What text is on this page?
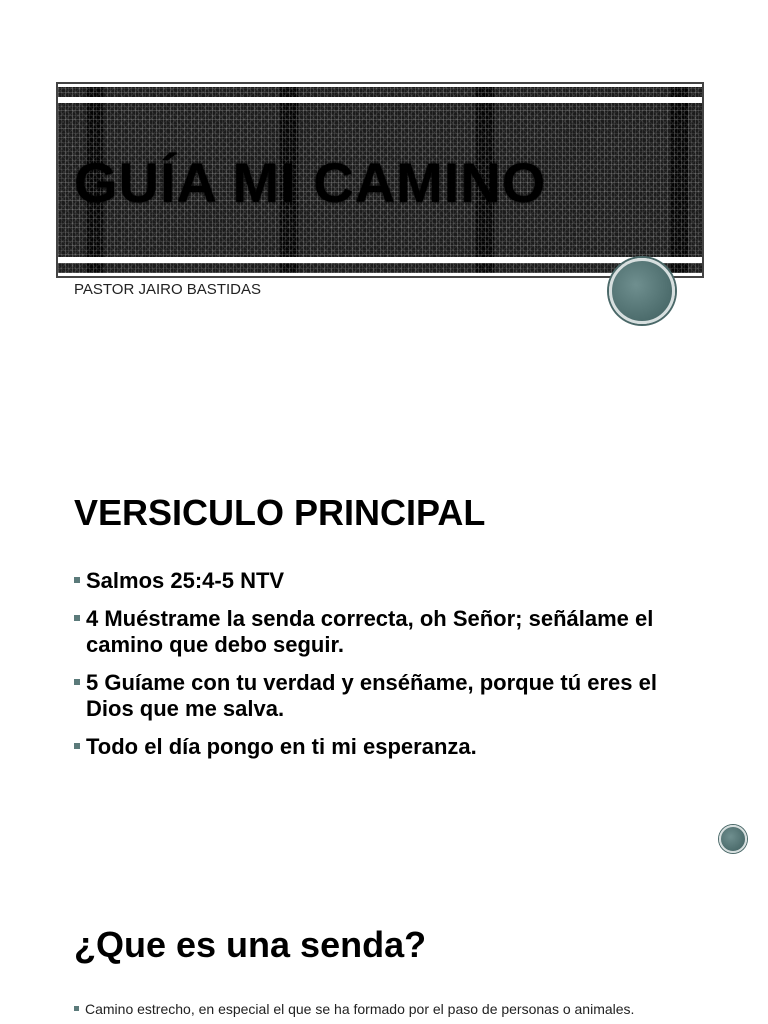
GUÍA MI CAMINO
PASTOR JAIRO BASTIDAS
VERSICULO PRINCIPAL
Salmos 25:4-5 NTV
4 Muéstrame la senda correcta, oh Señor; señálame el camino que debo seguir.
5 Guíame con tu verdad y enséñame, porque tú eres el Dios que me salva.
Todo el día pongo en ti mi esperanza.
¿Que es una senda?
Camino estrecho, en especial el que se ha formado por el paso de personas o animales.
